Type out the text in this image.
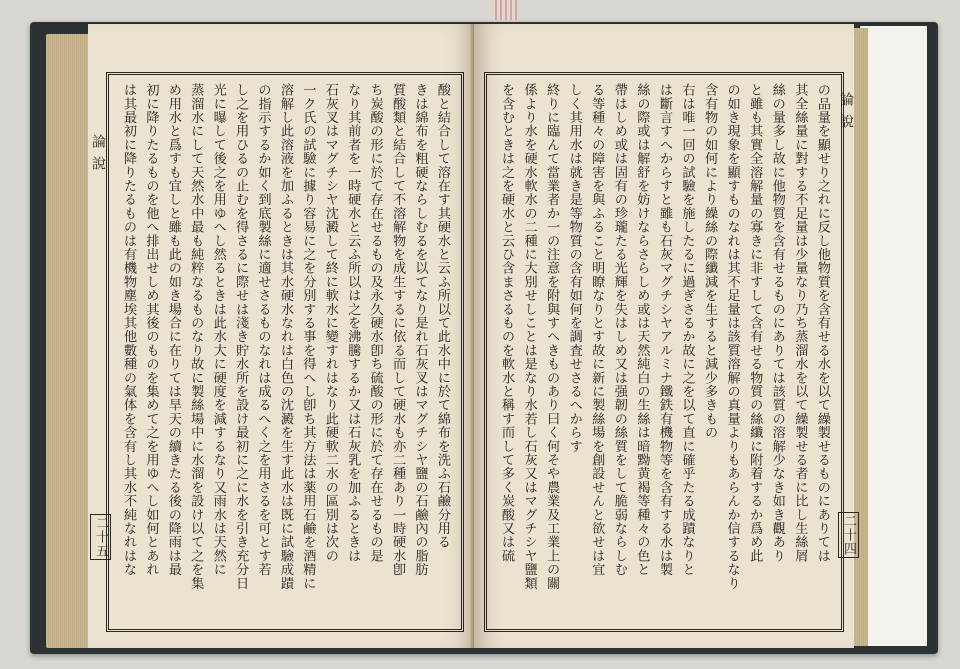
論說
二十五	酸と結合して溶在す其硬水と云ふ所以て此水中に於て綿布を洗ふ石鹼分用る
きは綿布を粗硬ならしむるを以てなり是れ石灰叉はマグチシヤ鹽の石鹼內の脂肪
質酸類と結合して不溶解物を成生するに依る而して硬水も亦二種あり一時硬水卽
ち炭酸の形に於て存在せるもの及永久硬水卽ち硫酸の形に於て存在せるもの是
なり其前者を一時硬水と云ふ所以は之を沸騰するか又は石灰乳を加ふるときは
石灰叉はマグチシヤ沈澱して終に軟水に變すれはなり此硬軟二水の區別は次の
一ク氏の試驗に據り容易に之を分別する事を得へし卽ち其方法は薬用石鹼を酒精に
溶解し此溶液を加ふるときは其水硬水なれは白色の沈澱を生す此水は既に試驗成蹟
の指示するか如く到底製絲に適せさるものなれは成るへく之を用さるを可とす若
し之を用ひるの止むを得さるに際せは淺き貯水所を設け最初に之に水を引き充分日
光に曝して後之を用ゆへし然るときは此水大に硬度を減するなり又雨水は天然に
蒸溜水にして天然水中最も純粹なるものなり故に製絲場中に水溜を設け以て之を集
め用水と爲すも宜しと雖も此の如き場合に在りては旱天の續きたる後の降雨は最
初に降りたるものを他へ排出せしめ其後のものを集めて之を用ゆへし如何とあれ
は其最初に降りたるものは有機物塵埃其他數種の氣体を含有し其水不純なれはな	論說
二十四
の品量を顯せり之れに反し他物質を含有せる水を以て繰製せるものにありては
其全絲量に對する不足量は少量なり乃ち蒸溜水を以て繰製せる者に比し生絲屑
絲の量多し故に他物質を含有せるものにありては該質の溶解少なき如き觀あり
と雖も其實全溶解量の寡きに非すして含有せる物質の絲纖に附着するか爲め此
の如き現象を顯すものなれは其不足量は該質溶解の真量よりもあらんか信するなり
含有物の如何により繰絲の際纖減を生すると減少多きもの
右は唯一回の試驗を施したるに過ぎさるか故に之を以て直に確乎たる成蹟なりと
は斷言すへからすと雖も石灰マグチシヤアルミナ鐵鉄有機物等を含有する水は製
絲の際或は解舒を妨けならさらしめ或は天然純白の生絲は暗黝黄褐等種々の色と
帶はしめ或は固有の珍瓏たる光輝を失はしめ又は强韌の絲質をして脆弱ならしむ
る等種々の障害を與ふること明瞭なりとす故に新に製絲場を創設せんと欲せは宜
しく其用水は就き是等物質の含有如何を調査せさるへからす
終りに臨んて當業者か一の注意を附與すへきものあり曰く何そや農業及工業上の關
係より水を硬水軟水の二種に大別せしことは是なり水若し石灰又はマグチシヤ鹽類
を含むときは之を硬水と云ひ含まさるものを軟水と稱す而して多く炭酸又は硫
